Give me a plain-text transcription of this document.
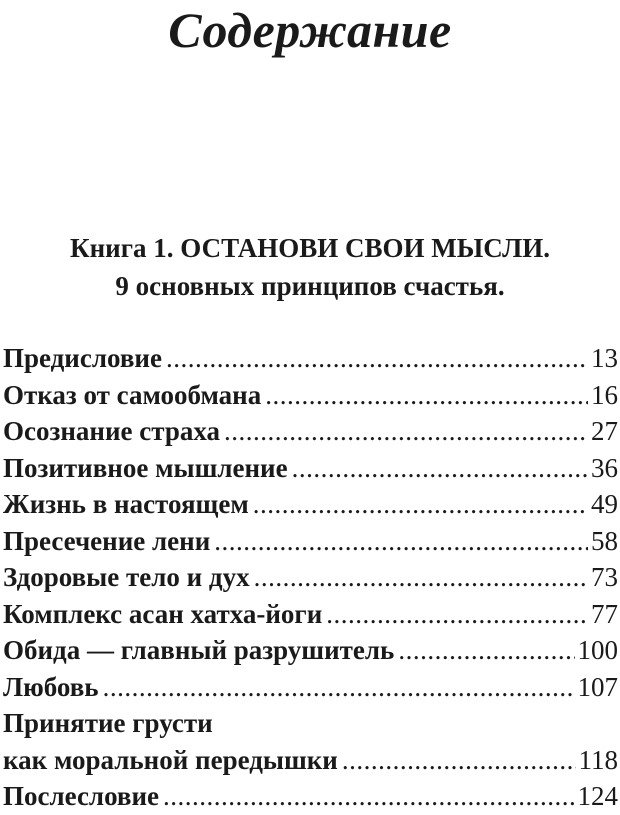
Содержание
Книга 1. ОСТАНОВИ СВОИ МЫСЛИ.
9 основных принципов счастья.
Предисловие .....	13
Отказ от самообмана .....	16
Осознание страха .....	27
Позитивное мышление .....	36
Жизнь в настоящем .....	49
Пресечение лени .....	58
Здоровые тело и дух .....	73
Комплекс асан хатха-йоги .....	77
Обида — главный разрушитель .....	100
Любовь .....	107
Принятие грусти
как моральной передышки .....	118
Послесловие .....	124
